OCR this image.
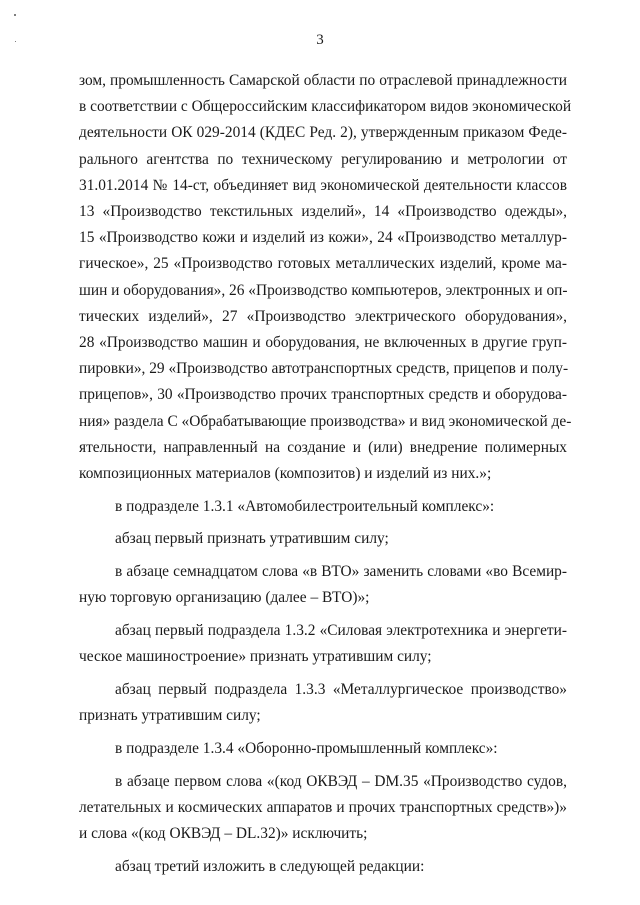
3
зом, промышленность Самарской области по отраслевой принадлежности
в соответствии с Общероссийским классификатором видов экономической
деятельности ОК 029-2014 (КДЕС Ред. 2), утвержденным приказом Феде-
рального агентства по техническому регулированию и метрологии от
31.01.2014 № 14-ст, объединяет вид экономической деятельности классов
13 «Производство текстильных изделий», 14 «Производство одежды»,
15 «Производство кожи и изделий из кожи», 24 «Производство металлур-
гическое», 25 «Производство готовых металлических изделий, кроме ма-
шин и оборудования», 26 «Производство компьютеров, электронных и оп-
тических изделий», 27 «Производство электрического оборудования»,
28 «Производство машин и оборудования, не включенных в другие груп-
пировки», 29 «Производство автотранспортных средств, прицепов и полу-
прицепов», 30 «Производство прочих транспортных средств и оборудова-
ния» раздела С «Обрабатывающие производства» и вид экономической де-
ятельности, направленный на создание и (или) внедрение полимерных
композиционных материалов (композитов) и изделий из них.»;
в подразделе 1.3.1 «Автомобилестроительный комплекс»:
абзац первый признать утратившим силу;
в абзаце семнадцатом слова «в ВТО» заменить словами «во Всемир-
ную торговую организацию (далее – ВТО)»;
абзац первый подраздела 1.3.2 «Силовая электротехника и энергети-
ческое машиностроение» признать утратившим силу;
абзац первый подраздела 1.3.3 «Металлургическое производство»
признать утратившим силу;
в подразделе 1.3.4 «Оборонно-промышленный комплекс»:
в абзаце первом слова «(код ОКВЭД – DM.35 «Производство судов,
летательных и космических аппаратов и прочих транспортных средств»)»
и слова «(код ОКВЭД – DL.32)» исключить;
абзац третий изложить в следующей редакции:
